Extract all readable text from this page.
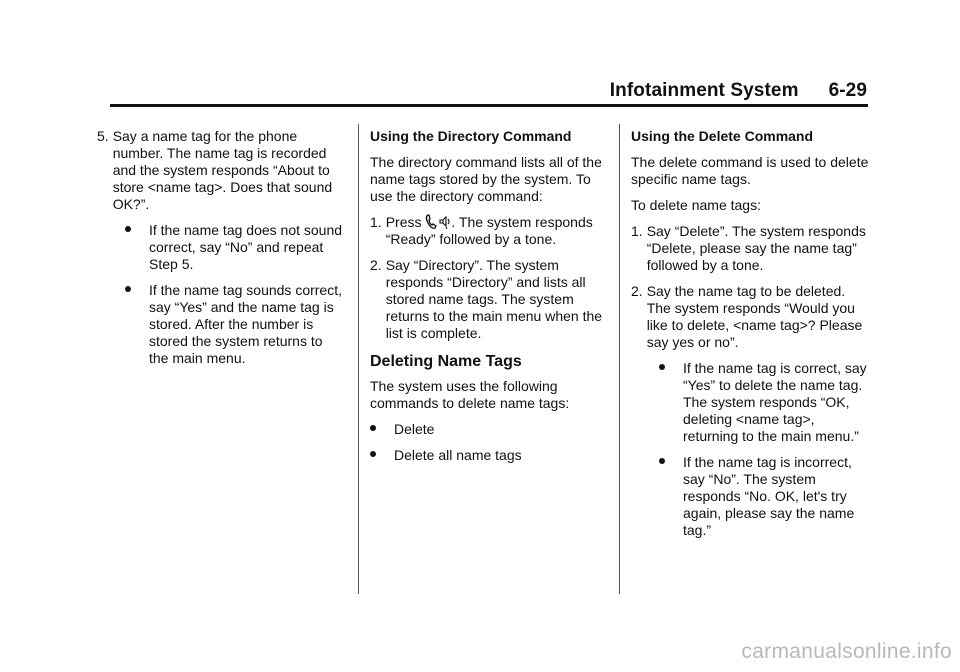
Infotainment System 6-29
5. Say a name tag for the phone number. The name tag is recorded and the system responds “About to store <name tag>. Does that sound OK?”.
If the name tag does not sound correct, say “No” and repeat Step 5.
If the name tag sounds correct, say “Yes” and the name tag is stored. After the number is stored the system returns to the main menu.
Using the Directory Command

The directory command lists all of the name tags stored by the system. To use the directory command:

1. Press . The system responds “Ready” followed by a tone.
2. Say “Directory”. The system responds “Directory” and lists all stored name tags. The system returns to the main menu when the list is complete.
Deleting Name Tags

The system uses the following commands to delete name tags:

Delete
Delete all name tags
Using the Delete Command

The delete command is used to delete specific name tags.

To delete name tags:

1. Say “Delete”. The system responds “Delete, please say the name tag” followed by a tone.
2. Say the name tag to be deleted. The system responds “Would you like to delete, <name tag>? Please say yes or no”.
If the name tag is correct, say “Yes” to delete the name tag. The system responds “OK, deleting <name tag>, returning to the main menu.”
If the name tag is incorrect, say “No”. The system responds “No. OK, let's try again, please say the name tag.”
carmanualsonline.info
